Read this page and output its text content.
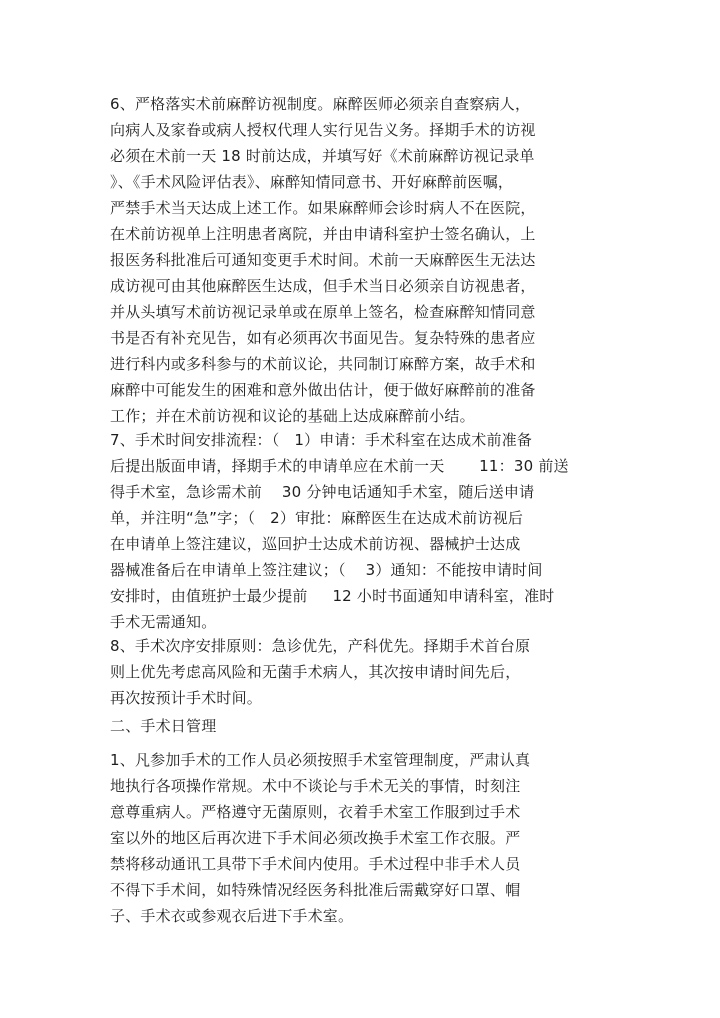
6、严格落实术前麻醉访视制度。麻醉医师必须亲自查察病人，
向病人及家眷或病人授权代理人实行见告义务。择期手术的访视
必须在术前一天 18 时前达成，并填写好《术前麻醉访视记录单
》、《手术风险评估表》、麻醉知情同意书、开好麻醉前医嘱，
严禁手术当天达成上述工作。如果麻醉师会诊时病人不在医院，
在术前访视单上注明患者离院，并由申请科室护士签名确认，上
报医务科批准后可通知变更手术时间。术前一天麻醉医生无法达
成访视可由其他麻醉医生达成，但手术当日必须亲自访视患者，
并从头填写术前访视记录单或在原单上签名，检查麻醉知情同意
书是否有补充见告，如有必须再次书面见告。复杂特殊的患者应
进行科内或多科参与的术前议论，共同制订麻醉方案，故手术和
麻醉中可能发生的困难和意外做出估计，便于做好麻醉前的准备
工作；并在术前访视和议论的基础上达成麻醉前小结。
7、手术时间安排流程：（   1）申请：手术科室在达成术前准备
后提出版面申请，择期手术的申请单应在术前一天       11：30 前送
得手术室，急诊需术前    30 分钟电话通知手术室，随后送申请
单，并注明“急”字；（   2）审批：麻醉医生在达成术前访视后
在申请单上签注建议，巡回护士达成术前访视、器械护士达成
器械准备后在申请单上签注建议；（    3）通知：不能按申请时间
安排时，由值班护士最少提前     12 小时书面通知申请科室，准时
手术无需通知。
8、手术次序安排原则：急诊优先，产科优先。择期手术首台原
则上优先考虑高风险和无菌手术病人，其次按申请时间先后，
再次按预计手术时间。
二、手术日管理
1、凡参加手术的工作人员必须按照手术室管理制度，严肃认真
地执行各项操作常规。术中不谈论与手术无关的事情，时刻注
意尊重病人。严格遵守无菌原则，衣着手术室工作服到过手术
室以外的地区后再次进下手术间必须改换手术室工作衣服。严
禁将移动通讯工具带下手术间内使用。手术过程中非手术人员
不得下手术间，如特殊情况经医务科批准后需戴穿好口罩、帽
子、手术衣或参观衣后进下手术室。
